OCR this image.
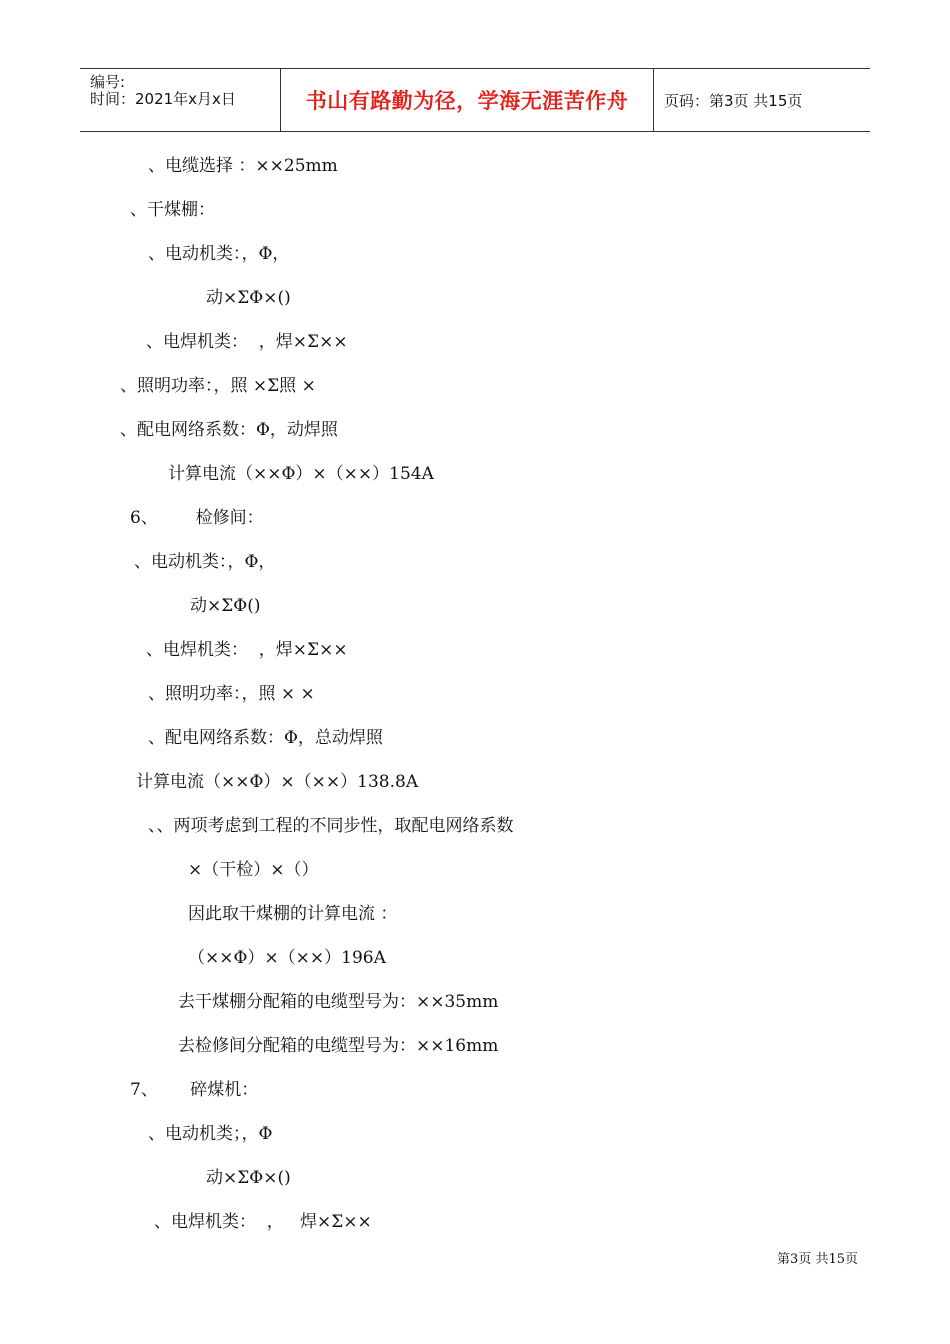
编号:
时间：2021年x月x日	书山有路勤为径，学海无涯苦作舟	页码：第3页 共15页
、电缆选择 ：××25mm
、干煤棚：
、电动机类：，Φ，
动×ΣΦ×()
、电焊机类：  ，焊×Σ××
、照明功率：，照 ×Σ照 ×
、配电网络系数：Φ，动焊照
计算电流（××Φ）×（××）154A
6、       检修间：
、电动机类：，Φ，
动×ΣΦ()
、电焊机类：  ，焊×Σ××
、照明功率：，照 × ×
、配电网络系数：Φ，总动焊照
计算电流（××Φ）×（××）138.8A
、、两项考虑到工程的不同步性，取配电网络系数
×（干检）×（）
因此取干煤棚的计算电流 ：
（××Φ）×（××）196A
去干煤棚分配箱的电缆型号为：××35mm
去检修间分配箱的电缆型号为：××16mm
7、      碎煤机：
、电动机类；，Φ
动×ΣΦ×()
、电焊机类：  ，   焊×Σ××
第3页 共15页
